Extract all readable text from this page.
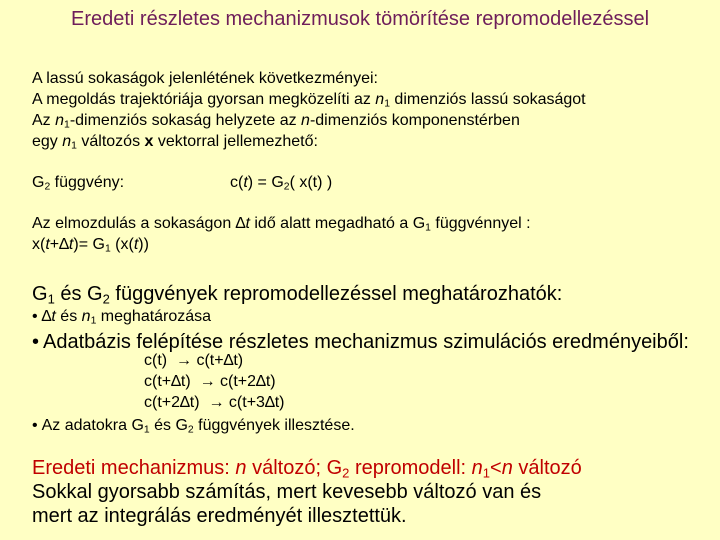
Eredeti részletes mechanizmusok tömörítése repromodellezéssel
A lassú sokaságok jelenlétének következményei:
A megoldás trajektóriája gyorsan megközelíti az $n_1$ dimenziós lassú sokaságot
Az $n_1$-dimenziós sokaság helyzete az n-dimenziós komponenstérben
egy $n_1$ változós x vektorral jellemezhető:
$G_2$ függvény:	$c(t) = G_2$( x(t) )
Az elmozdulás a sokaságon ∆t idő alatt megadható a $G_1$ függvénnyel :
$x(t+\Delta t)= G_1$ (x(t))
$G_1$ és $G_2$ függvények repromodellezéssel meghatározhatók:
• ∆t és $n_1$ meghatározása
• Adatbázis felépítése részletes mechanizmus szimulációs eredményeiből:
c(t) → c(t+∆t)
c(t+∆t) → c(t+2∆t)
c(t+2∆t) → c(t+3∆t)
• Az adatokra $G_1$ és $G_2$ függvények illesztése.
Eredeti mechanizmus: n változó; $G_2$ repromodell: $n_1<n$ változó
Sokkal gyorsabb számítás, mert kevesebb változó van és
mert az integrálás eredményét illesztettük.
